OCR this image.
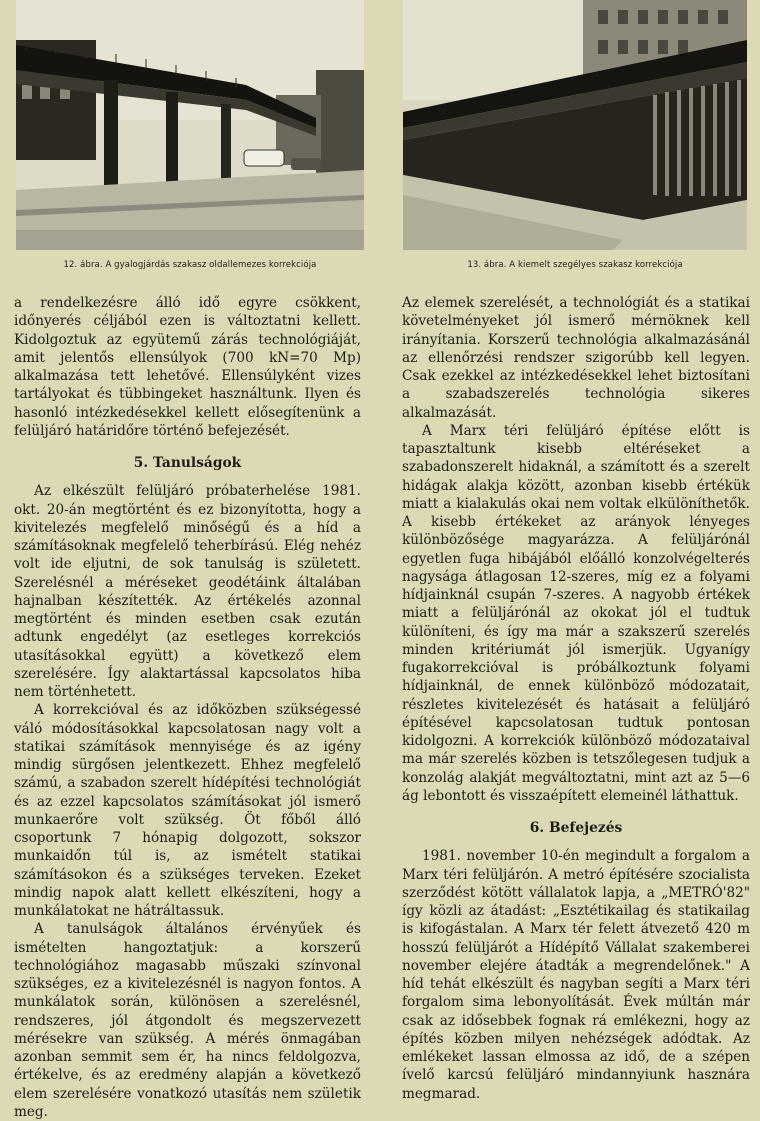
12. ábra. A gyalogjárdás szakasz oldallemezes korrekciója	13. ábra. A kiemelt szegélyes szakasz korrekciója

a rendelkezésre álló idő egyre csökkent, időnyerés céljából ezen is változtatni kellett. Kidolgoztuk az együtemű zárás technológiáját, amit jelentős ellensúlyok (700 kN=70 Mp) alkalmazása tett lehetővé. Ellensúlyként vizes tartályokat és tübbingeket használtunk. Ilyen és hasonló intézkedésekkel kellett elősegítenünk a felüljáró határidőre történő befejezését.

5. Tanulságok

Az elkészült felüljáró próbaterhelése 1981. okt. 20-án megtörtént és ez bizonyította, hogy a kivitelezés megfelelő minőségű és a híd a számításoknak megfelelő teherbírású. Elég nehéz volt ide eljutni, de sok tanulság is született. Szerelésnél a méréseket geodétáink általában hajnalban készítették. Az értékelés azonnal megtörtént és minden esetben csak ezután adtunk engedélyt (az esetleges korrekciós utasításokkal együtt) a következő elem szerelésére. Így alaktartással kapcsolatos hiba nem történhetett.

A korrekcióval és az időközben szükségessé váló módosításokkal kapcsolatosan nagy volt a statikai számítások mennyisége és az igény mindig sürgősen jelentkezett. Ehhez megfelelő számú, a szabadon szerelt hídépítési technológiát és az ezzel kapcsolatos számításokat jól ismerő munkaerőre volt szükség. Öt főből álló csoportunk 7 hónapig dolgozott, sokszor munkaidőn túl is, az ismételt statikai számításokon és a szükséges terveken. Ezeket mindig napok alatt kellett elkészíteni, hogy a munkálatokat ne hátráltassuk.

A tanulságok általános érvényűek és ismételten hangoztatjuk: a korszerű technológiához magasabb műszaki színvonal szükséges, ez a kivitelezésnél is nagyon fontos. A munkálatok során, különösen a szerelésnél, rendszeres, jól átgondolt és megszervezett mérésekre van szükség. A mérés önmagában azonban semmit sem ér, ha nincs feldolgozva, értékelve, és az eredmény alapján a következő elem szerelésére vonatkozó utasítás nem születik meg.

Az elemek szerelését, a technológiát és a statikai követelményeket jól ismerő mérnöknek kell irányítania. Korszerű technológia alkalmazásánál az ellenőrzési rendszer szigorúbb kell legyen. Csak ezekkel az intézkedésekkel lehet biztosítani a szabadszerelés technológia sikeres alkalmazását.

A Marx téri felüljáró építése előtt is tapasztaltunk kisebb eltéréseket a szabadonszerelt hidaknál, a számított és a szerelt hidágak alakja között, azonban kisebb értékük miatt a kialakulás okai nem voltak elkülöníthetők. A kisebb értékeket az arányok lényeges különbözősége magyarázza. A felüljárónál egyetlen fuga hibájából előálló konzolvégelterés nagysága átlagosan 12-szeres, míg ez a folyami hídjainknál csupán 7-szeres. A nagyobb értékek miatt a felüljárónál az okokat jól el tudtuk különíteni, és így ma már a szakszerű szerelés minden kritériumát jól ismerjük. Ugyanígy fugakorrekcióval is próbálkoztunk folyami hídjainknál, de ennek különböző módozatait, részletes kivitelezését és hatásait a felüljáró építésével kapcsolatosan tudtuk pontosan kidolgozni. A korrekciók különböző módozataival ma már szerelés közben is tetszőlegesen tudjuk a konzolág alakját megváltoztatni, mint azt az 5—6 ág lebontott és visszaépített elemeinél láthattuk.

6. Befejezés

1981. november 10-én megindult a forgalom a Marx téri felüljárón. A metró építésére szocialista szerződést kötött vállalatok lapja, a „METRÓ'82" így közli az átadást: „Esztétikailag és statikailag is kifogástalan. A Marx tér felett átvezető 420 m hosszú felüljárót a Hídépítő Vállalat szakemberei november elejére átadták a megrendelőnek." A híd tehát elkészült és nagyban segíti a Marx téri forgalom sima lebonyolítását. Évek múltán már csak az idősebbek fognak rá emlékezni, hogy az építés közben milyen nehézségek adódtak. Az emlékeket lassan elmossa az idő, de a szépen ívelő karcsú felüljáró mindannyiunk hasznára megmarad.
